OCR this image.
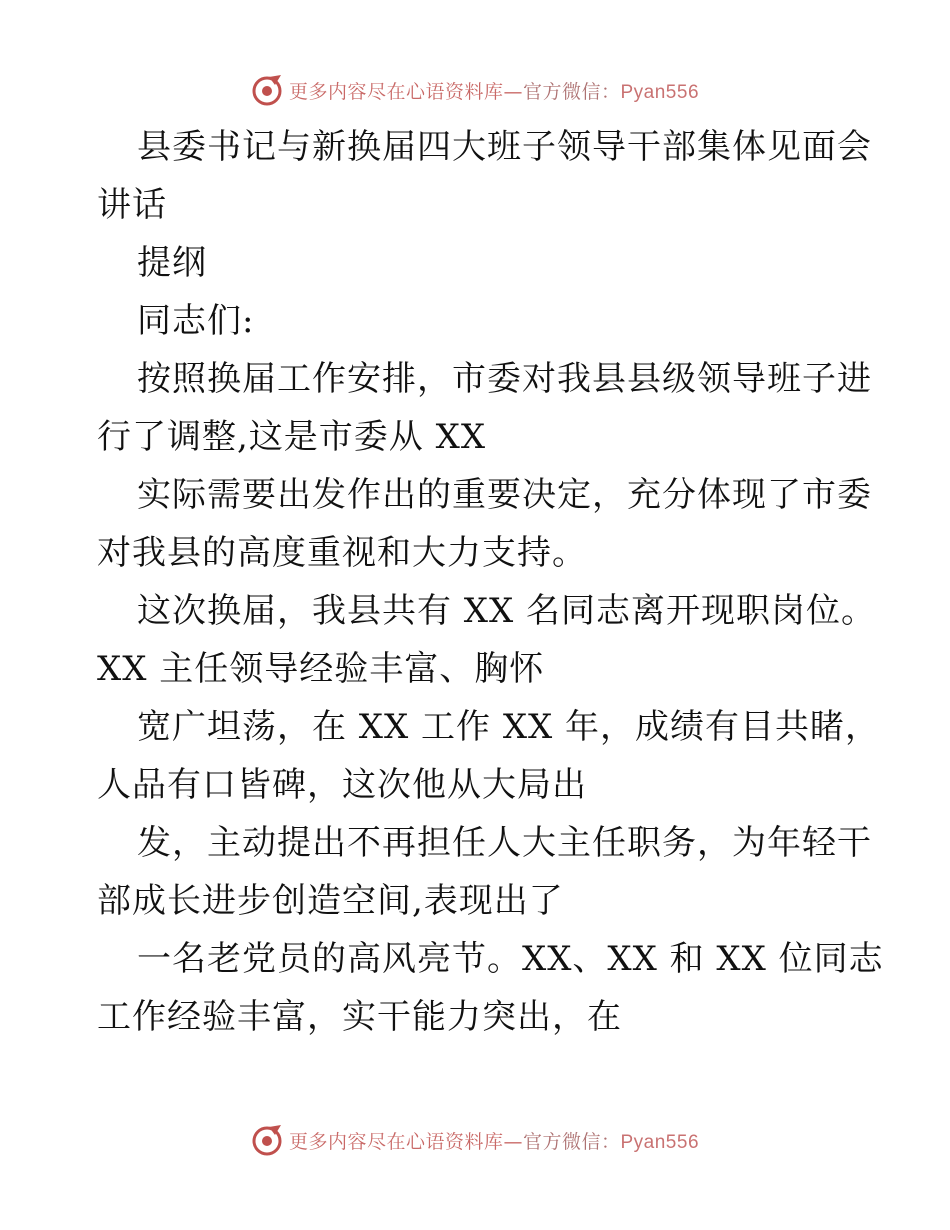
更多内容尽在心语资料库—官方微信：Pyan556
县委书记与新换届四大班子领导干部集体见面会
讲话
提纲
同志们:
按照换届工作安排，市委对我县县级领导班子进
行了调整,这是市委从 XX
实际需要出发作出的重要决定，充分体现了市委
对我县的高度重视和大力支持。
这次换届，我县共有 XX 名同志离开现职岗位。
XX 主任领导经验丰富、胸怀
宽广坦荡，在 XX 工作 XX 年，成绩有目共睹，
人品有口皆碑，这次他从大局出
发，主动提出不再担任人大主任职务，为年轻干
部成长进步创造空间,表现出了
一名老党员的高风亮节。XX、XX 和 XX 位同志
工作经验丰富，实干能力突出，在
更多内容尽在心语资料库—官方微信：Pyan556
